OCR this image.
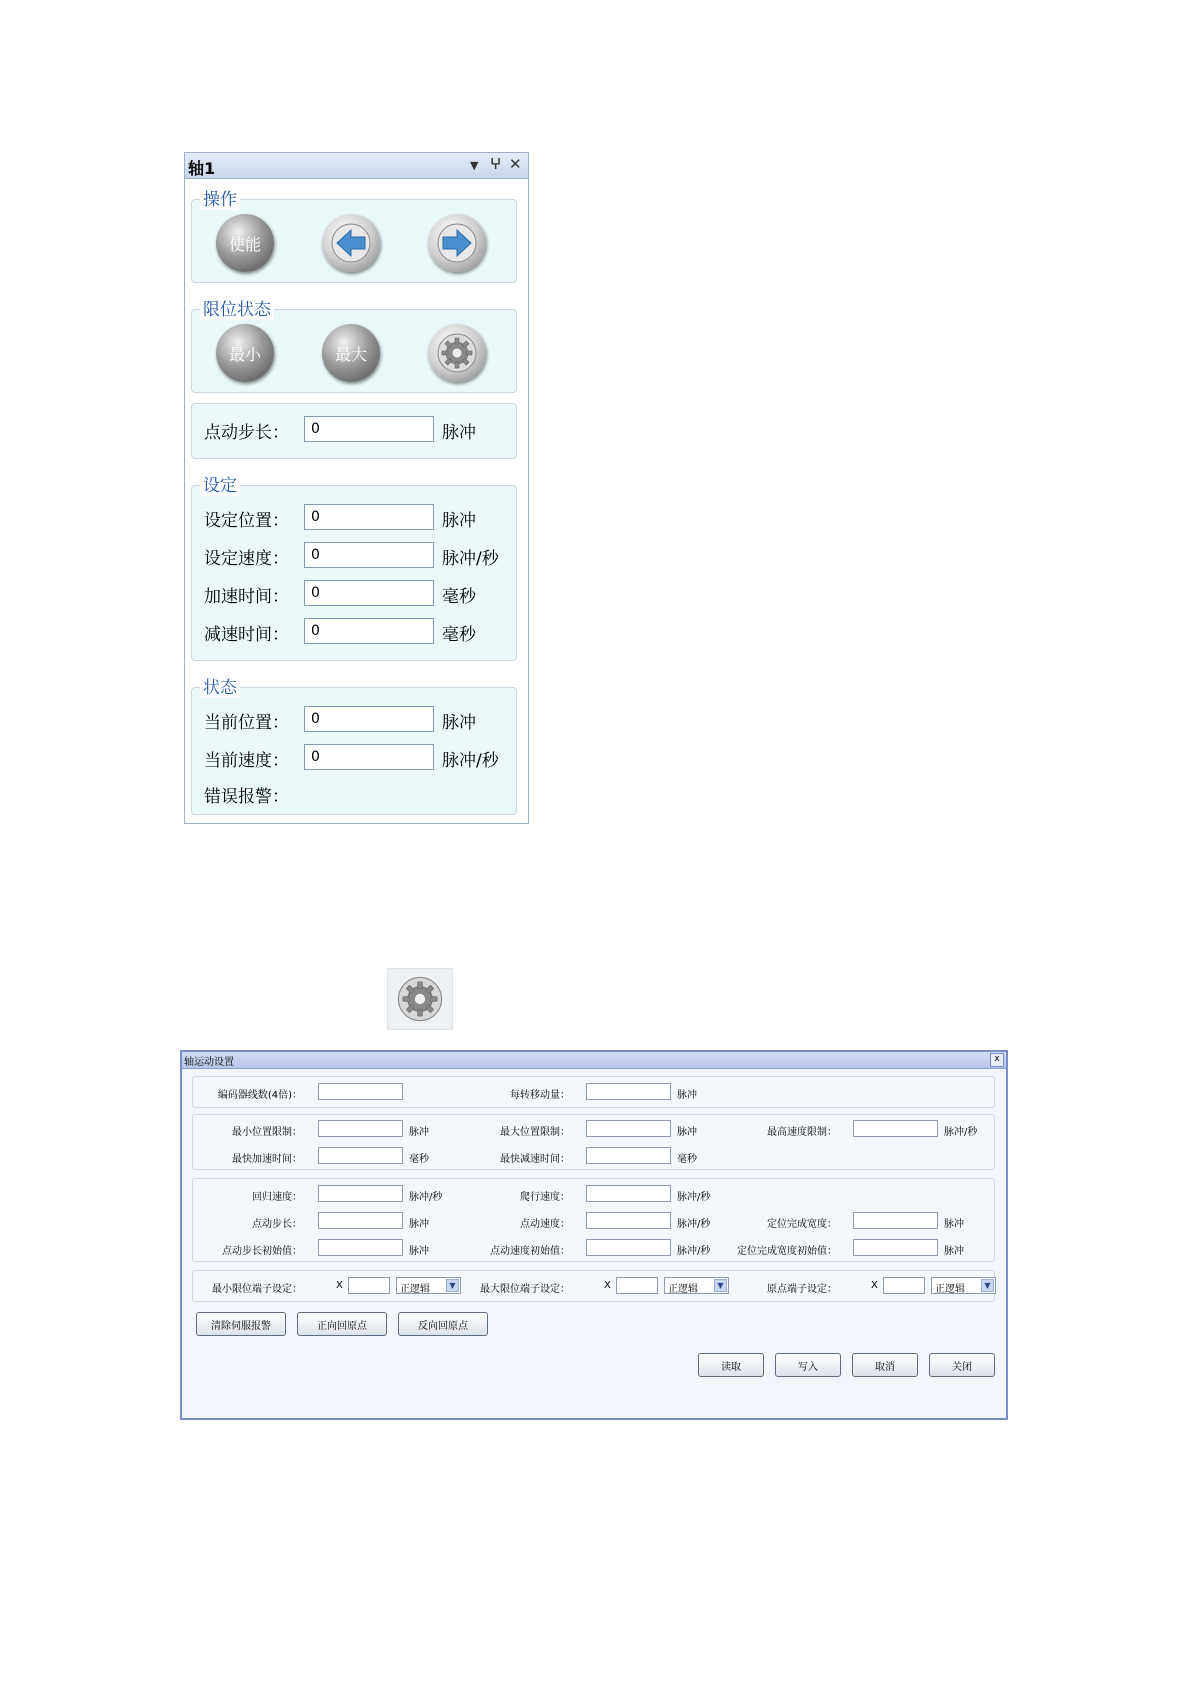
轴1	▼ ⵖ ✕
操作
使能
限位状态
最小	最大
点动步长：	0	脉冲
设定
设定位置：	0	脉冲
设定速度：	0	脉冲/秒
加速时间：	0	毫秒
减速时间：	0	毫秒
状态
当前位置：	0	脉冲
当前速度：	0	脉冲/秒
错误报警：
轴运动设置	x
编码器线数(4倍)：	每转移动量：	脉冲
最小位置限制：	脉冲	最大位置限制：	脉冲	最高速度限制：	脉冲/秒
最快加速时间：	毫秒	最快减速时间：	毫秒
回归速度：	脉冲/秒	爬行速度：	脉冲/秒
点动步长：	脉冲	点动速度：	脉冲/秒	定位完成宽度：	脉冲
点动步长初始值：	脉冲	点动速度初始值：	脉冲/秒	定位完成宽度初始值：	脉冲
最小限位端子设定：	X	正逻辑	▼	最大限位端子设定：	X	正逻辑	▼	原点端子设定：	X	正逻辑	▼
清除伺服报警	正向回原点	反向回原点
读取	写入	取消	关闭
